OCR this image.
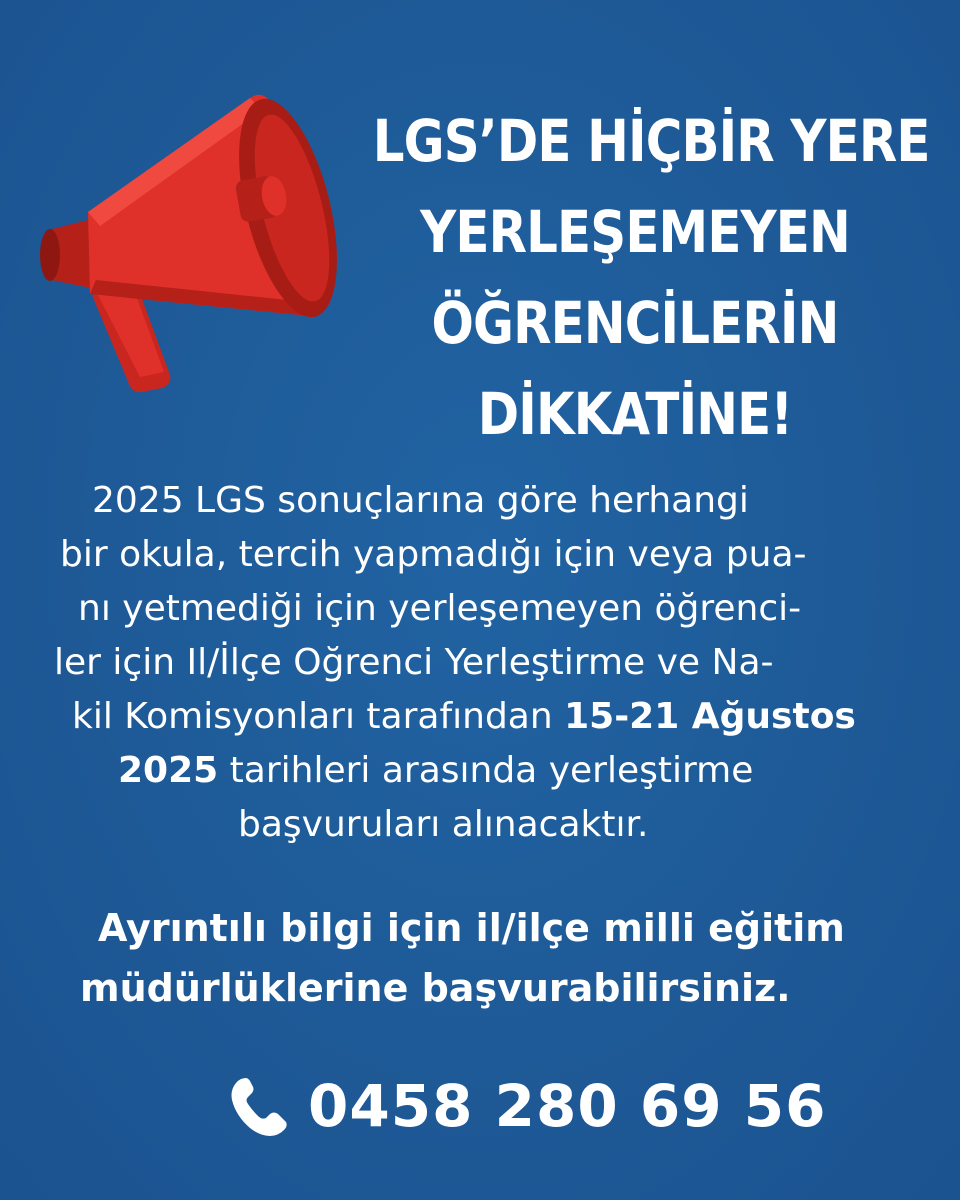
LGS’DE HİÇBİR YERE
YERLEŞEMEYEN
ÖĞRENCİLERİN
DİKKATİNE!
2025 LGS sonuçlarına göre herhangi
bir okula, tercih yapmadığı için veya pua-
nı yetmediği için yerleşemeyen öğrenci-
ler için Il/İlçe Oğrenci Yerleştirme ve Na-
kil Komisyonları tarafından 15-21 Ağustos
2025 tarihleri arasında yerleştirme
başvuruları alınacaktır.
Ayrıntılı bilgi için il/ilçe milli eğitim
müdürlüklerine başvurabilirsiniz.
0458 280 69 56
